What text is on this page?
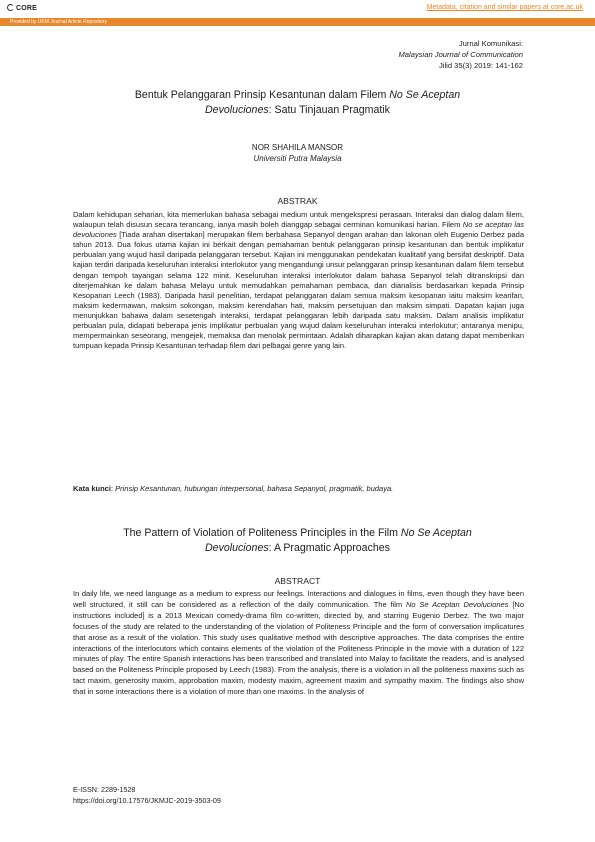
CORE	Metadata, citation and similar papers at core.ac.uk
Provided by UKM Journal Article Repository
Jurnal Komunikasi:
Malaysian Journal of Communication
Jilid 35(3) 2019: 141-162
Bentuk Pelanggaran Prinsip Kesantunan dalam Filem No Se Aceptan
Devoluciones: Satu Tinjauan Pragmatik
NOR SHAHILA MANSOR
Universiti Putra Malaysia
ABSTRAK

Dalam kehidupan seharian, kita memerlukan bahasa sebagai medium untuk mengekspresi perasaan. Interaksi dan dialog dalam filem, walaupun telah disusun secara terancang, ianya masih boleh dianggap sebagai cerminan komunikasi harian. Filem No se aceptan las devoluciones [Tiada arahan disertakan] merupakan filem berbahasa Sepanyol dengan arahan dan lakonan oleh Eugenio Derbez pada tahun 2013. Dua fokus utama kajian ini berkait dengan pemahaman bentuk pelanggaran prinsip kesantunan dan bentuk implikatur perbualan yang wujud hasil daripada pelanggaran tersebut. Kajian ini menggunakan pendekatan kualitatif yang bersifat deskriptif. Data kajian terdiri daripada keseluruhan interaksi interlokutor yang mengandungi unsur pelanggaran prinsip kesantunan dalam filem tersebut dengan tempoh tayangan selama 122 minit. Keseluruhan interaksi interlokutor dalam bahasa Sepanyol telah ditranskripsi dan diterjemahkan ke dalam bahasa Melayu untuk memudahkan pemahaman pembaca, dan dianalisis berdasarkan kepada Prinsip Kesopanan Leech (1983). Daripada hasil penelitian, terdapat pelanggaran dalam semua maksim kesopanan iaitu maksim kearifan, maksim kedermawan, maksim sokongan, maksim kerendahan hati, maksim persetujuan dan maksim simpati. Dapatan kajian juga menunjukkan bahawa dalam sesetengah interaksi, terdapat pelanggaran lebih daripada satu maksim. Dalam analisis implikatur perbualan pula, didapati beberapa jenis implikatur perbualan yang wujud dalam keseluruhan interaksi interlokutur; antaranya menipu, mempermainkan seseorang, mengejek, memaksa dan menolak permintaan. Adalah diharapkan kajian akan datang dapat memberikan tumpuan kepada Prinsip Kesantunan terhadap filem dari pelbagai genre yang lain.

Kata kunci: Prinsip Kesantunan, hubungan interpersonal, bahasa Sepanyol, pragmatik, budaya.
The Pattern of Violation of Politeness Principles in the Film No Se Aceptan
Devoluciones: A Pragmatic Approaches
ABSTRACT

In daily life, we need language as a medium to express our feelings. Interactions and dialogues in films, even though they have been well structured, it still can be considered as a reflection of the daily communication. The film No Se Aceptan Devoluciones [No instructions included] is a 2013 Mexican comedy-drama film co-written, directed by, and starring Eugenio Derbez. The two major focuses of the study are related to the understanding of the violation of Politeness Principle and the form of conversation implicatures that arose as a result of the violation. This study uses qualitative method with descriptive approaches. The data comprises the entire interactions of the interlocutors which contains elements of the violation of the Politeness Principle in the movie with a duration of 122 minutes of play. The entire Spanish interactions has been transcribed and translated into Malay to facilitate the readers, and is analysed based on the Politeness Principle proposed by Leech (1983). From the analysis, there is a violation in all the politeness maxims such as tact maxim, generosity maxim, approbation maxim, modesty maxim, agreement maxim and sympathy maxim. The findings also show that in some interactions there is a violation of more than one maxims. In the analysis of

E-ISSN: 2289-1528
https://doi.org/10.17576/JKMJC-2019-3503-09
